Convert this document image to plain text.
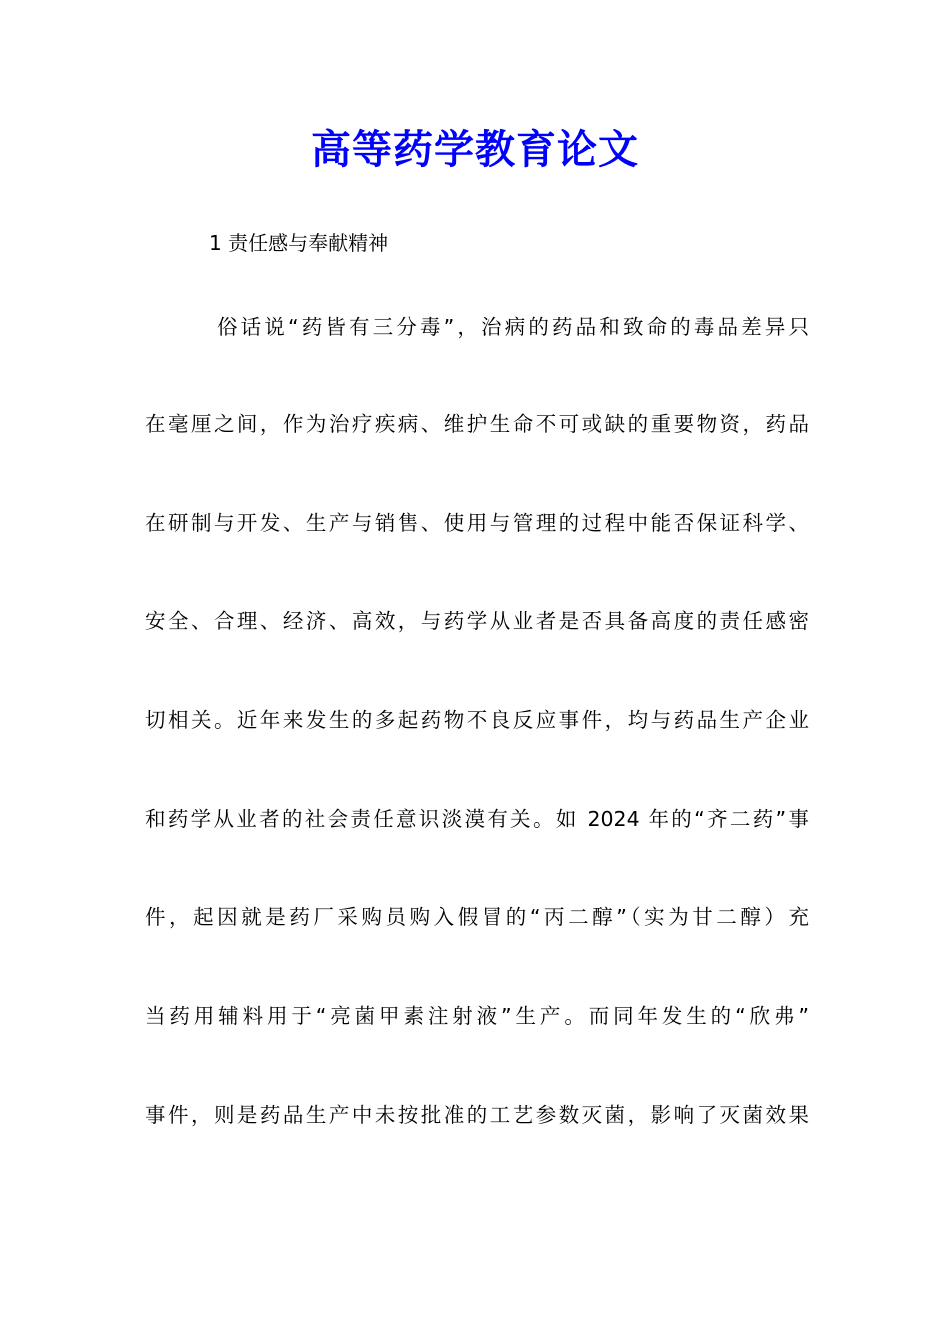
高等药学教育论文
1 责任感与奉献精神
俗话说“药皆有三分毒”，治病的药品和致命的毒品差异只
在毫厘之间，作为治疗疾病、维护生命不可或缺的重要物资，药品
在研制与开发、生产与销售、使用与管理的过程中能否保证科学、
安全、合理、经济、高效，与药学从业者是否具备高度的责任感密
切相关。近年来发生的多起药物不良反应事件，均与药品生产企业
和药学从业者的社会责任意识淡漠有关。如 2024 年的“齐二药”事
件，起因就是药厂采购员购入假冒的“丙二醇”（实为甘二醇）充
当药用辅料用于“亮菌甲素注射液”生产。而同年发生的“欣弗”
事件，则是药品生产中未按批准的工艺参数灭菌，影响了灭菌效果
